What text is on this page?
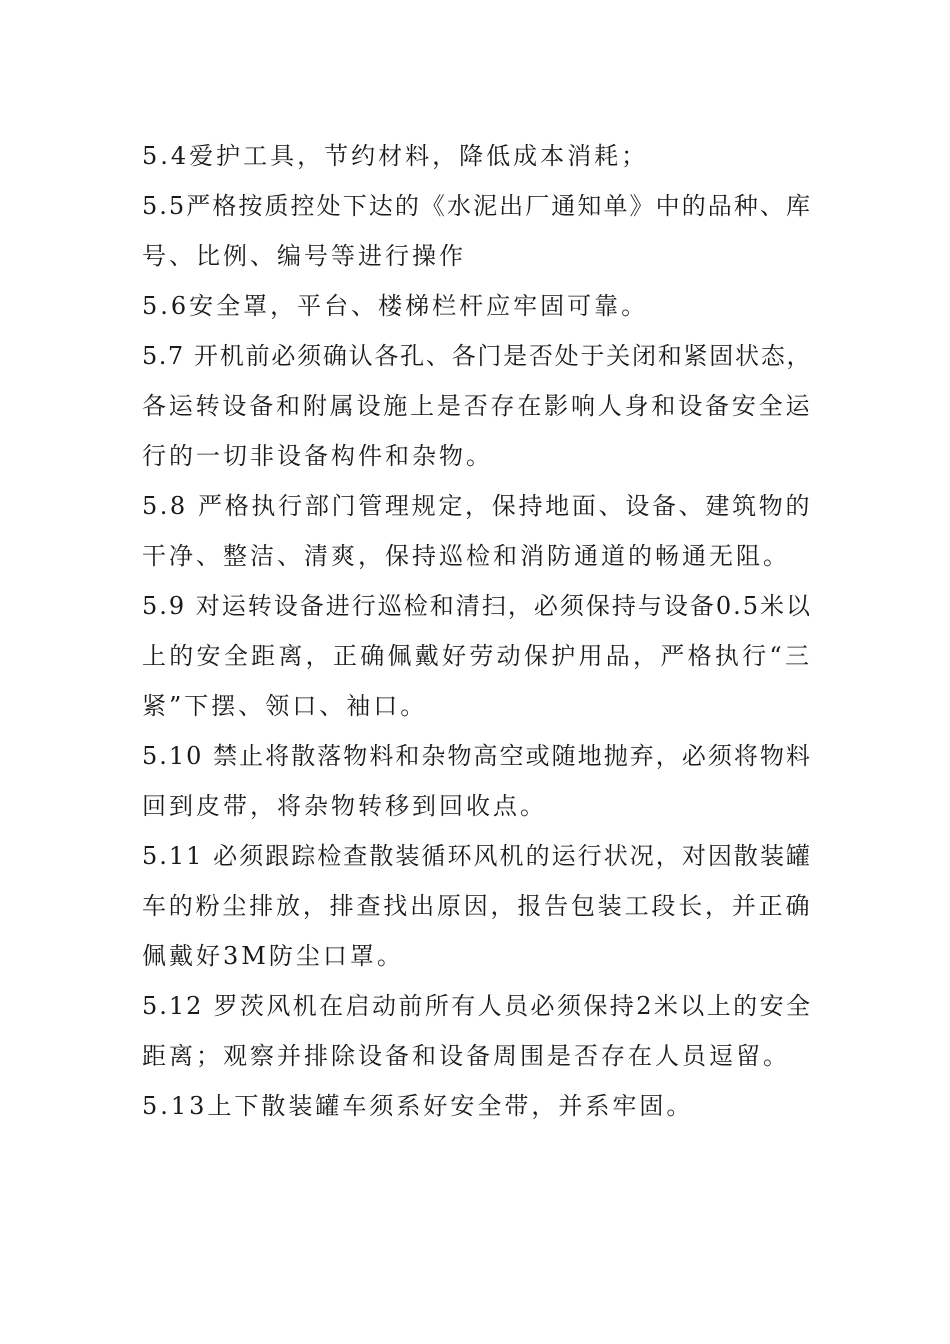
5.4爱护工具，节约材料，降低成本消耗；
5.5严格按质控处下达的《水泥出厂通知单》中的品种、库
号、比例、编号等进行操作
5.6安全罩，平台、楼梯栏杆应牢固可靠。
5.7 开机前必须确认各孔、各门是否处于关闭和紧固状态，
各运转设备和附属设施上是否存在影响人身和设备安全运
行的一切非设备构件和杂物。
5.8 严格执行部门管理规定，保持地面、设备、建筑物的
干净、整洁、清爽，保持巡检和消防通道的畅通无阻。
5.9 对运转设备进行巡检和清扫，必须保持与设备0.5米以
上的安全距离，正确佩戴好劳动保护用品，严格执行“三
紧”下摆、领口、袖口。
5.10 禁止将散落物料和杂物高空或随地抛弃，必须将物料
回到皮带，将杂物转移到回收点。
5.11 必须跟踪检查散装循环风机的运行状况，对因散装罐
车的粉尘排放，排查找出原因，报告包装工段长，并正确
佩戴好3M防尘口罩。
5.12 罗茨风机在启动前所有人员必须保持2米以上的安全
距离；观察并排除设备和设备周围是否存在人员逗留。
5.13上下散装罐车须系好安全带，并系牢固。
